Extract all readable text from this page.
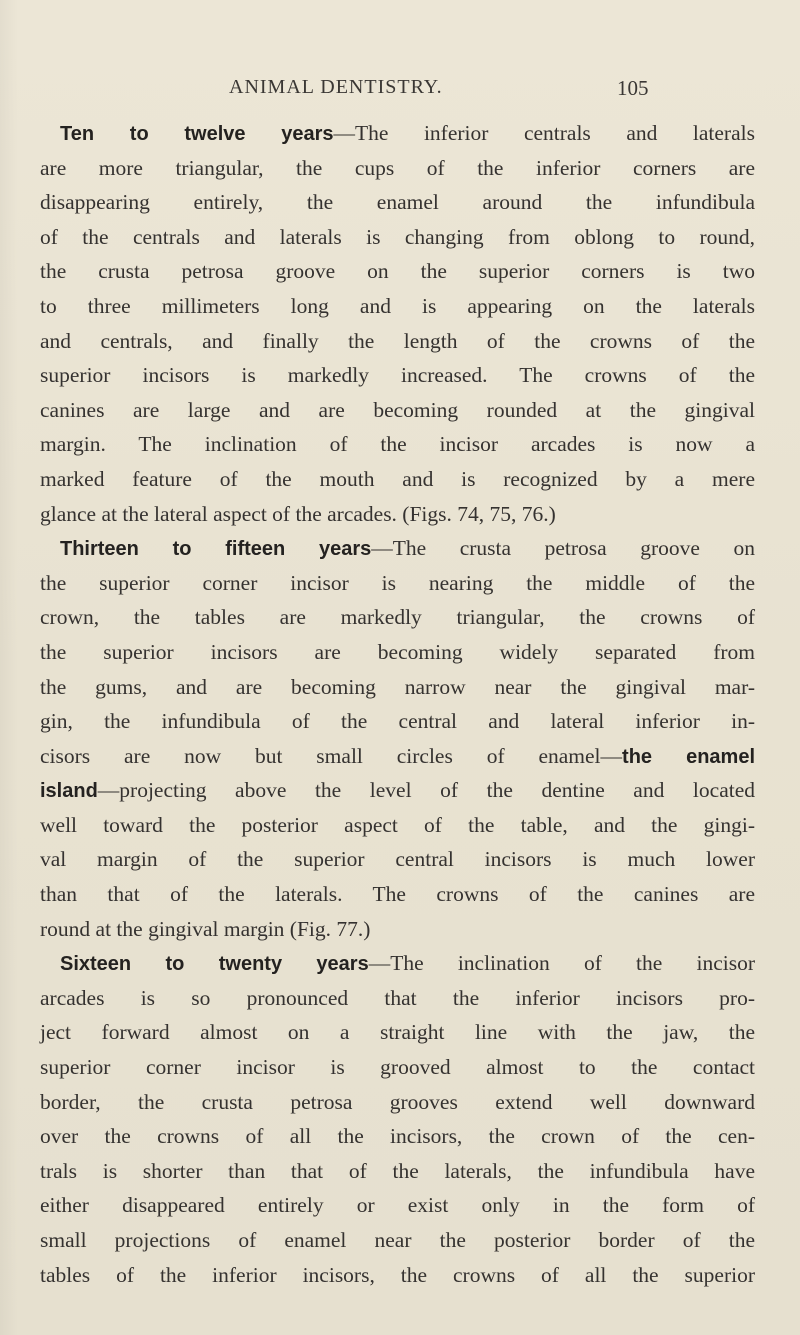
ANIMAL DENTISTRY.	105
Ten to twelve years—The inferior centrals and laterals
are more triangular, the cups of the inferior corners are
disappearing entirely, the enamel around the infundibula
of the centrals and laterals is changing from oblong to round,
the crusta petrosa groove on the superior corners is two
to three millimeters long and is appearing on the laterals
and centrals, and finally the length of the crowns of the
superior incisors is markedly increased. The crowns of the
canines are large and are becoming rounded at the gingival
margin. The inclination of the incisor arcades is now a
marked feature of the mouth and is recognized by a mere
glance at the lateral aspect of the arcades. (Figs. 74, 75, 76.)
Thirteen to fifteen years—The crusta petrosa groove on
the superior corner incisor is nearing the middle of the
crown, the tables are markedly triangular, the crowns of
the superior incisors are becoming widely separated from
the gums, and are becoming narrow near the gingival mar-
gin, the infundibula of the central and lateral inferior in-
cisors are now but small circles of enamel—the enamel
island—projecting above the level of the dentine and located
well toward the posterior aspect of the table, and the gingi-
val margin of the superior central incisors is much lower
than that of the laterals. The crowns of the canines are
round at the gingival margin (Fig. 77.)
Sixteen to twenty years—The inclination of the incisor
arcades is so pronounced that the inferior incisors pro-
ject forward almost on a straight line with the jaw, the
superior corner incisor is grooved almost to the contact
border, the crusta petrosa grooves extend well downward
over the crowns of all the incisors, the crown of the cen-
trals is shorter than that of the laterals, the infundibula have
either disappeared entirely or exist only in the form of
small projections of enamel near the posterior border of the
tables of the inferior incisors, the crowns of all the superior
